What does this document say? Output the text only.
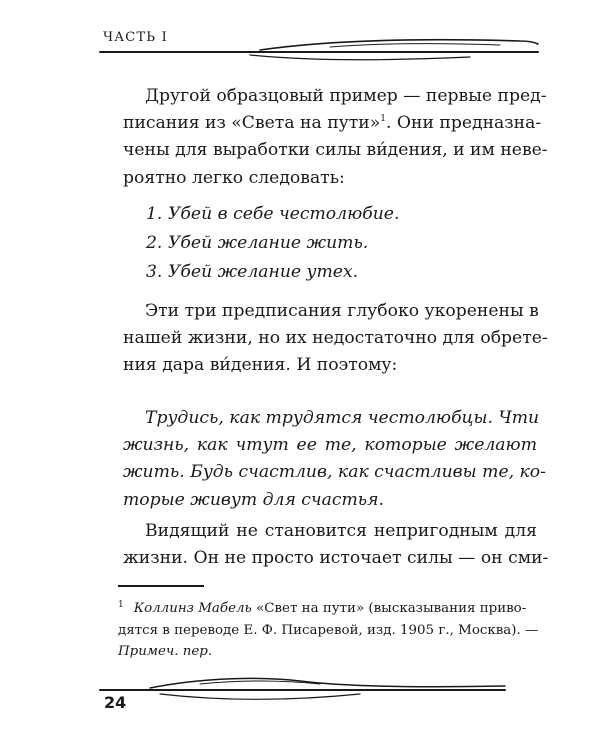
ЧАСТЬ I
Другой образцовый пример — первые пред-
писания из «Света на пути»$^1$. Они предназна-
чены для выработки силы ви́дения, и им неве-
роятно легко следовать:
1. Убей в себе честолюбие.
2. Убей желание жить.
3. Убей желание утех.
Эти три предписания глубоко укоренены в
нашей жизни, но их недостаточно для обрете-
ния дара ви́дения. И поэтому:
Трудись, как трудятся честолюбцы. Чти
жизнь, как чтут ее те, которые желают
жить. Будь счастлив, как счастливы те, ко-
торые живут для счастья.
Видящий не становится непригодным для
жизни. Он не просто источает силы — он сми-
$^1$ Коллинз Мабель «Свет на пути» (высказывания приво-
дятся в переводе Е. Ф. Писаревой, изд. 1905 г., Москва). —
Примеч. пер.
24
